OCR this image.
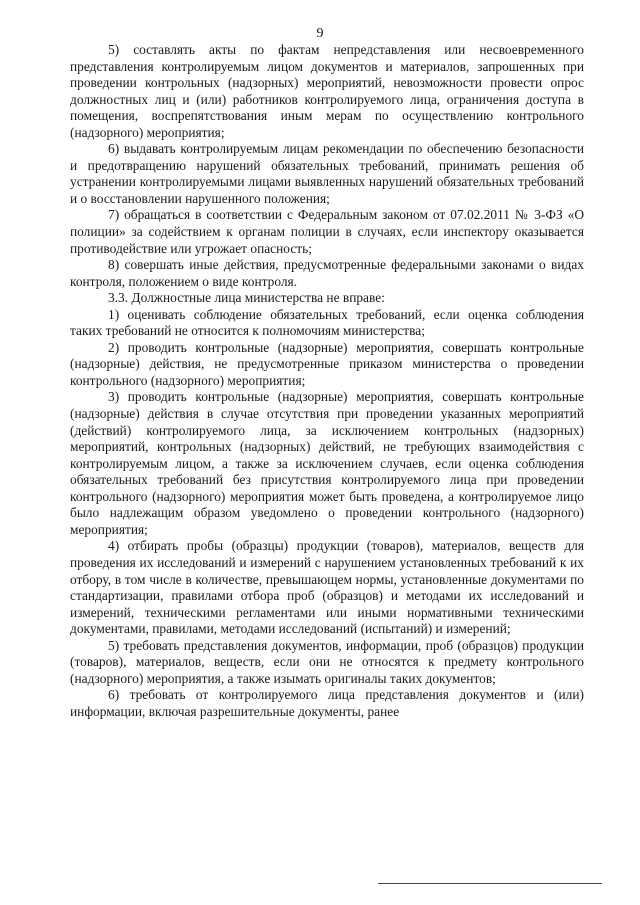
9

5) составлять акты по фактам непредставления или несвоевременного представления контролируемым лицом документов и материалов, запрошенных при проведении контрольных (надзорных) мероприятий, невозможности провести опрос должностных лиц и (или) работников контролируемого лица, ограничения доступа в помещения, воспрепятствования иным мерам по осуществлению контрольного (надзорного) мероприятия;

6) выдавать контролируемым лицам рекомендации по обеспечению безопасности и предотвращению нарушений обязательных требований, принимать решения об устранении контролируемыми лицами выявленных нарушений обязательных требований и о восстановлении нарушенного положения;

7) обращаться в соответствии с Федеральным законом от 07.02.2011 № 3-ФЗ «О полиции» за содействием к органам полиции в случаях, если инспектору оказывается противодействие или угрожает опасность;

8) совершать иные действия, предусмотренные федеральными законами о видах контроля, положением о виде контроля.

3.3. Должностные лица министерства не вправе:

1) оценивать соблюдение обязательных требований, если оценка соблюдения таких требований не относится к полномочиям министерства;

2) проводить контрольные (надзорные) мероприятия, совершать контрольные (надзорные) действия, не предусмотренные приказом министерства о проведении контрольного (надзорного) мероприятия;

3) проводить контрольные (надзорные) мероприятия, совершать контрольные (надзорные) действия в случае отсутствия при проведении указанных мероприятий (действий) контролируемого лица, за исключением контрольных (надзорных) мероприятий, контрольных (надзорных) действий, не требующих взаимодействия с контролируемым лицом, а также за исключением случаев, если оценка соблюдения обязательных требований без присутствия контролируемого лица при проведении контрольного (надзорного) мероприятия может быть проведена, а контролируемое лицо было надлежащим образом уведомлено о проведении контрольного (надзорного) мероприятия;

4) отбирать пробы (образцы) продукции (товаров), материалов, веществ для проведения их исследований и измерений с нарушением установленных требований к их отбору, в том числе в количестве, превышающем нормы, установленные документами по стандартизации, правилами отбора проб (образцов) и методами их исследований и измерений, техническими регламентами или иными нормативными техническими документами, правилами, методами исследований (испытаний) и измерений;

5) требовать представления документов, информации, проб (образцов) продукции (товаров), материалов, веществ, если они не относятся к предмету контрольного (надзорного) мероприятия, а также изымать оригиналы таких документов;

6) требовать от контролируемого лица представления документов и (или) информации, включая разрешительные документы, ранее
